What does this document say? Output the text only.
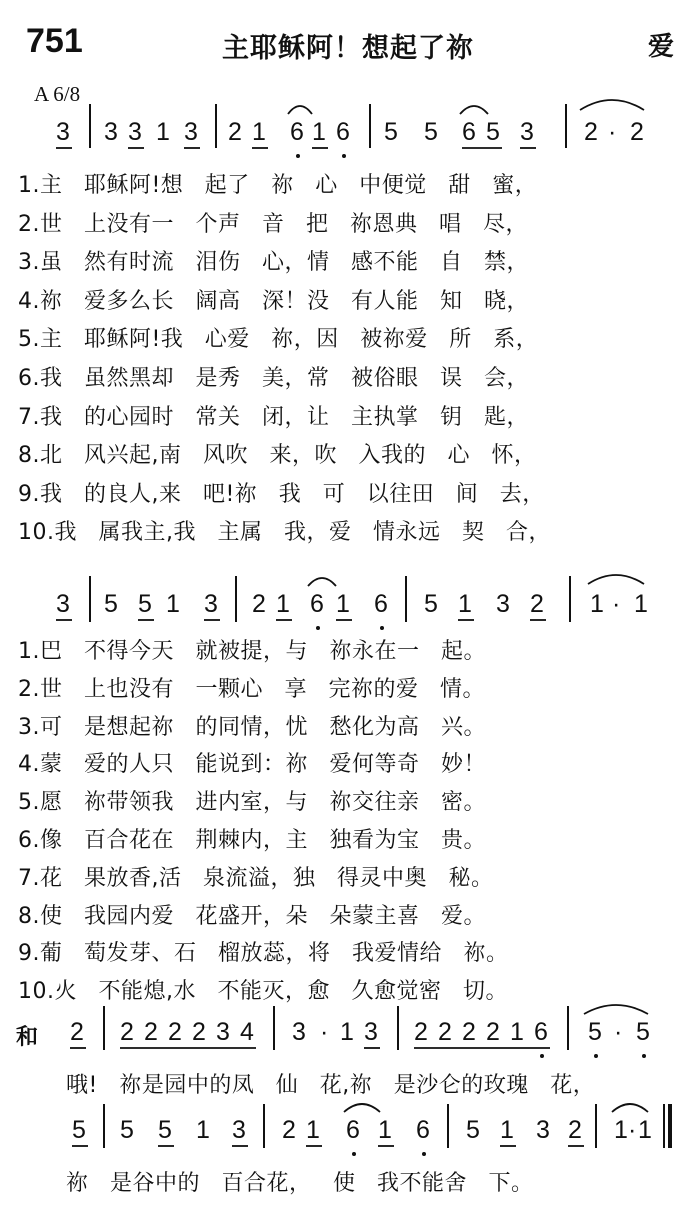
751	主耶稣阿！想起了祢	爱
A 6/8
3 3 3 1 3 2 1 6 1 6 5 5 6 5 3 2 · 2
1.主 耶稣阿!想 起了 祢 心 中便觉 甜 蜜，
2.世 上没有一 个声 音 把 祢恩典 唱 尽，
3.虽 然有时流 泪伤 心，情 感不能 自 禁，
4.祢 爱多么长 阔高 深！没 有人能 知 晓，
5.主 耶稣阿!我 心爱 祢，因 被祢爱 所 系，
6.我 虽然黑却 是秀 美，常 被俗眼 误 会，
7.我 的心园时 常关 闭，让 主执掌 钥 匙，
8.北 风兴起,南 风吹 来，吹 入我的 心 怀，
9.我 的良人,来 吧!祢 我 可 以往田 间 去，
10.我 属我主,我 主属 我，爱 情永远 契 合，
3 5 5 1 3 2 1 6 1 6 5 1 3 2 1 · 1
1.巴 不得今天 就被提，与 祢永在一 起。
2.世 上也没有 一颗心 享 完祢的爱 情。
3.可 是想起祢 的同情，忧 愁化为高 兴。
4.蒙 爱的人只 能说到：祢 爱何等奇 妙！
5.愿 祢带领我 进内室，与 祢交往亲 密。
6.像 百合花在 荆棘内，主 独看为宝 贵。
7.花 果放香,活 泉流溢，独 得灵中奥 秘。
8.使 我园内爱 花盛开，朵 朵蒙主喜 爱。
9.葡 萄发芽、石 榴放蕊，将 我爱情给 祢。
10.火 不能熄,水 不能灭，愈 久愈觉密 切。
和 2 2 2 2 2 3 4 3 · 1 3 2 2 2 2 1 6 5 · 5
哦! 祢是园中的凤 仙 花,祢 是沙仑的玫瑰 花，
5 5 5 1 3 2 1 6 1 6 5 1 3 2 1 · 1
祢 是谷中的 百合花， 使 我不能舍 下。
